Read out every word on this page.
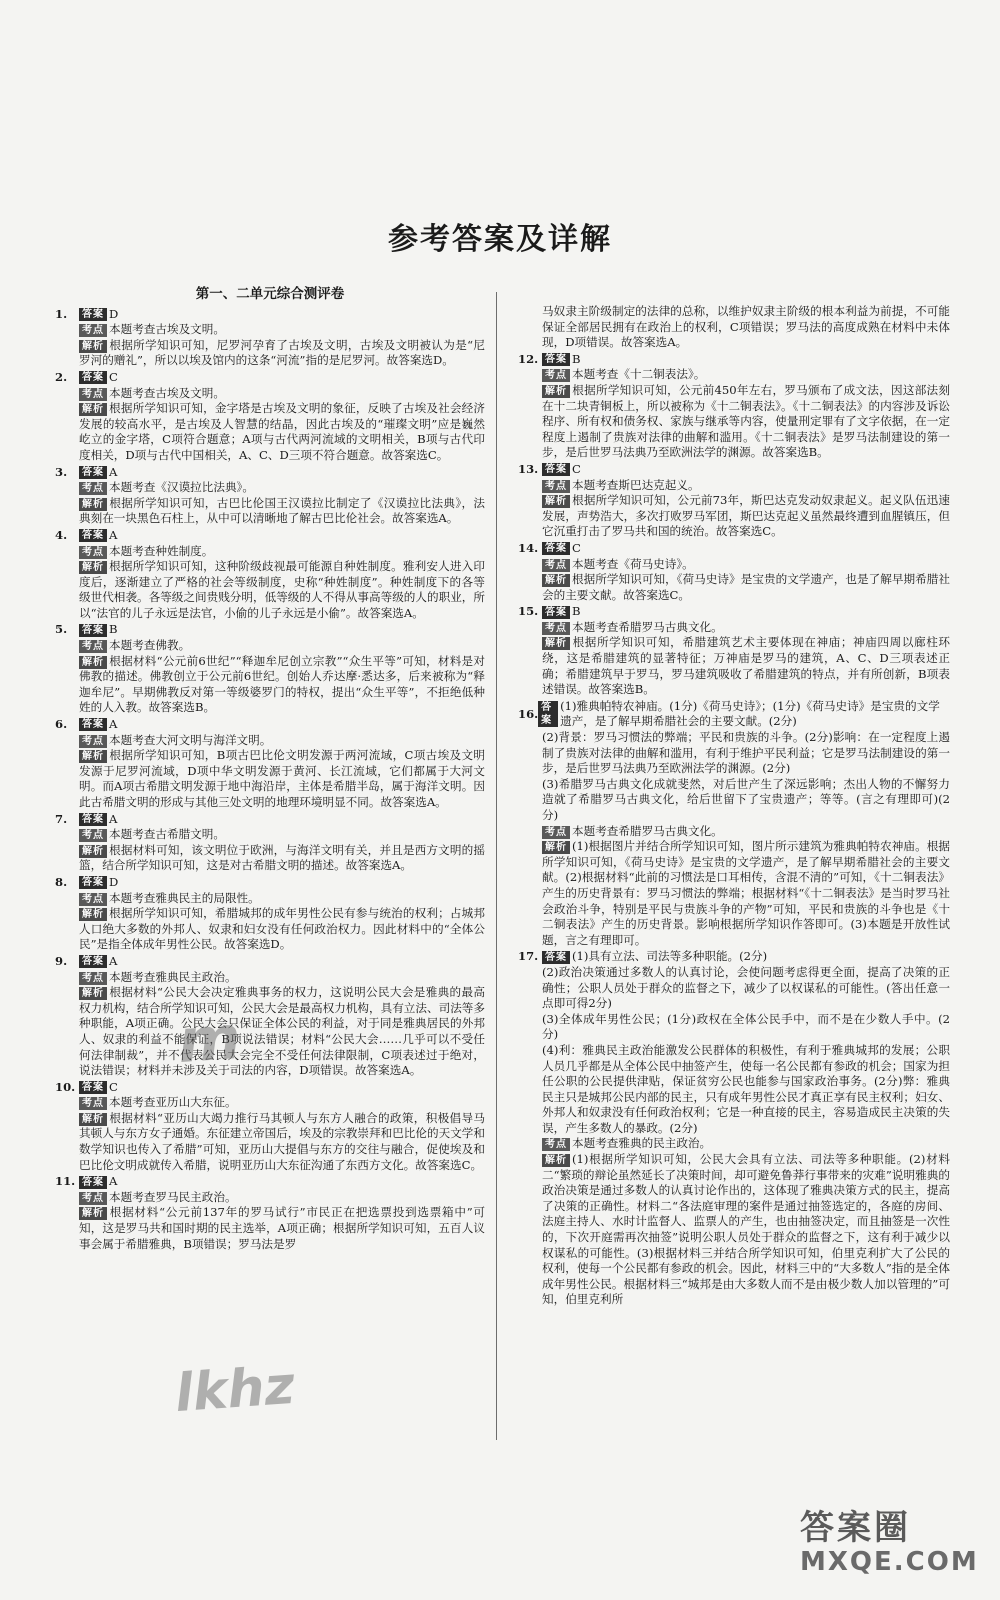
参考答案及详解
第一、二单元综合测评卷
1.	答案 D
考点 本题考查古埃及文明。
解析 根据所学知识可知，尼罗河孕育了古埃及文明，古埃及文明被认为是“尼罗河的赠礼”，所以以埃及馆内的这条“河流”指的是尼罗河。故答案选D。
2.	答案 C
考点 本题考查古埃及文明。
解析 根据所学知识可知，金字塔是古埃及文明的象征，反映了古埃及社会经济发展的较高水平，是古埃及人智慧的结晶，因此古埃及的“璀璨文明”应是巍然屹立的金字塔，C项符合题意；A项与古代两河流域的文明相关，B项与古代印度相关，D项与古代中国相关，A、C、D三项不符合题意。故答案选C。
3.	答案 A
考点 本题考查《汉谟拉比法典》。
解析 根据所学知识可知，古巴比伦国王汉谟拉比制定了《汉谟拉比法典》，法典刻在一块黑色石柱上，从中可以清晰地了解古巴比伦社会。故答案选A。
4.	答案 A
考点 本题考查种姓制度。
解析 根据所学知识可知，这种阶级歧视最可能源自种姓制度。雅利安人进入印度后，逐渐建立了严格的社会等级制度，史称“种姓制度”。种姓制度下的各等级世代相袭。各等级之间贵贱分明，低等级的人不得从事高等级的人的职业，所以“法官的儿子永远是法官，小偷的儿子永远是小偷”。故答案选A。
5.	答案 B
考点 本题考查佛教。
解析 根据材料“公元前6世纪”“释迦牟尼创立宗教”“众生平等”可知，材料是对佛教的描述。佛教创立于公元前6世纪。创始人乔达摩·悉达多，后来被称为“释迦牟尼”。早期佛教反对第一等级婆罗门的特权，提出“众生平等”，不拒绝低种姓的人入教。故答案选B。
6.	答案 A
考点 本题考查大河文明与海洋文明。
解析 根据所学知识可知，B项古巴比伦文明发源于两河流域，C项古埃及文明发源于尼罗河流域，D项中华文明发源于黄河、长江流域，它们都属于大河文明。而A项古希腊文明发源于地中海沿岸，主体是希腊半岛，属于海洋文明。因此古希腊文明的形成与其他三处文明的地理环境明显不同。故答案选A。
7.	答案 A
考点 本题考查古希腊文明。
解析 根据材料可知，该文明位于欧洲，与海洋文明有关，并且是西方文明的摇篮，结合所学知识可知，这是对古希腊文明的描述。故答案选A。
8.	答案 D
考点 本题考查雅典民主的局限性。
解析 根据所学知识可知，希腊城邦的成年男性公民有参与统治的权利；占城邦人口绝大多数的外邦人、奴隶和妇女没有任何政治权力。因此材料中的“全体公民”是指全体成年男性公民。故答案选D。
9.	答案 A
考点 本题考查雅典民主政治。
解析 根据材料“公民大会决定雅典事务的权力，这说明公民大会是雅典的最高权力机构，结合所学知识可知，公民大会是最高权力机构，具有立法、司法等多种职能，A项正确。公民大会只保证全体公民的利益，对于同是雅典居民的外邦人、奴隶的利益不能保证，B项说法错误；材料“公民大会……几乎可以不受任何法律制裁”，并不代表公民大会完全不受任何法律限制，C项表述过于绝对，说法错误；材料并未涉及关于司法的内容，D项错误。故答案选A。
10. 答案 C
考点 本题考查亚历山大东征。
解析 根据材料“亚历山大竭力推行马其顿人与东方人融合的政策，积极倡导马其顿人与东方女子通婚。东征建立帝国后，埃及的宗教崇拜和巴比伦的天文学和数学知识也传入了希腊”可知，亚历山大提倡与东方的交往与融合，促使埃及和巴比伦文明成就传入希腊，说明亚历山大东征沟通了东西方文化。故答案选C。
11. 答案 A
考点 本题考查罗马民主政治。
解析 根据材料“公元前137年的罗马试行”市民正在把选票投到选票箱中”可知，这是罗马共和国时期的民主选举，A项正确；根据所学知识可知，五百人议事会属于希腊雅典，B项错误；罗马法是罗
马奴隶主阶级制定的法律的总称，以维护奴隶主阶级的根本利益为前提，不可能保证全部居民拥有在政治上的权利，C项错误；罗马法的高度成熟在材料中未体现，D项错误。故答案选A。
12. 答案 B
考点 本题考查《十二铜表法》。
解析 根据所学知识可知，公元前450年左右，罗马颁布了成文法，因这部法刻在十二块青铜板上，所以被称为《十二铜表法》。《十二铜表法》的内容涉及诉讼程序、所有权和债务权、家族与继承等内容，使量刑定罪有了文字依据，在一定程度上遏制了贵族对法律的曲解和滥用。《十二铜表法》是罗马法制建设的第一步，是后世罗马法典乃至欧洲法学的渊源。故答案选B。
13. 答案 C
考点 本题考查斯巴达克起义。
解析 根据所学知识可知，公元前73年，斯巴达克发动奴隶起义。起义队伍迅速发展，声势浩大，多次打败罗马军团，斯巴达克起义虽然最终遭到血腥镇压，但它沉重打击了罗马共和国的统治。故答案选C。
14. 答案 C
考点 本题考查《荷马史诗》。
解析 根据所学知识可知，《荷马史诗》是宝贵的文学遗产，也是了解早期希腊社会的主要文献。故答案选C。
15. 答案 B
考点 本题考查希腊罗马古典文化。
解析 根据所学知识可知，希腊建筑艺术主要体现在神庙；神庙四周以廊柱环绕，这是希腊建筑的显著特征；万神庙是罗马的建筑，A、C、D三项表述正确；希腊建筑早于罗马，罗马建筑吸收了希腊建筑的特点，并有所创新，B项表述错误。故答案选B。
16. 答案
(1)雅典帕特农神庙。(1分)《荷马史诗》；(1分)《荷马史诗》是宝贵的文学遗产，是了解早期希腊社会的主要文献。(2分)
(2)背景：罗马习惯法的弊端；平民和贵族的斗争。(2分)影响：在一定程度上遏制了贵族对法律的曲解和滥用，有利于维护平民利益；它是罗马法制建设的第一步，是后世罗马法典乃至欧洲法学的渊源。(2分)
(3)希腊罗马古典文化成就斐然，对后世产生了深远影响；杰出人物的不懈努力造就了希腊罗马古典文化，给后世留下了宝贵遗产；等等。(言之有理即可)(2分)
考点 本题考查希腊罗马古典文化。
解析 (1)根据图片并结合所学知识可知，图片所示建筑为雅典帕特农神庙。根据所学知识可知，《荷马史诗》是宝贵的文学遗产，是了解早期希腊社会的主要文献。(2)根据材料“此前的习惯法是口耳相传，含混不清的”可知，《十二铜表法》产生的历史背景有：罗马习惯法的弊端；根据材料“《十二铜表法》是当时罗马社会政治斗争，特别是平民与贵族斗争的产物”可知，平民和贵族的斗争也是《十二铜表法》产生的历史背景。影响根据所学知识作答即可。(3)本题是开放性试题，言之有理即可。
17. 答案 (1)具有立法、司法等多种职能。(2分)
(2)政治决策通过多数人的认真讨论，会使问题考虑得更全面，提高了决策的正确性；公职人员处于群众的监督之下，减少了以权谋私的可能性。(答出任意一点即可得2分)
(3)全体成年男性公民；(1分)政权在全体公民手中，而不是在少数人手中。(2分)
(4)利：雅典民主政治能激发公民群体的积极性，有利于雅典城邦的发展；公职人员几乎都是从全体公民中抽签产生，使每一名公民都有参政的机会；国家为担任公职的公民提供津贴，保证贫穷公民也能参与国家政治事务。(2分)弊：雅典民主只是城邦公民内部的民主，只有成年男性公民才真正享有民主权利；妇女、外邦人和奴隶没有任何政治权利；它是一种直接的民主，容易造成民主决策的失误，产生多数人的暴政。(2分)
考点 本题考查雅典的民主政治。
解析 (1)根据所学知识可知，公民大会具有立法、司法等多种职能。(2)材料二“繁琐的辩论虽然延长了决策时间，却可避免鲁莽行事带来的灾难”说明雅典的政治决策是通过多数人的认真讨论作出的，这体现了雅典决策方式的民主，提高了决策的正确性。材料二“各法庭审理的案件是通过抽签选定的，各庭的房间、法庭主持人、水时计监督人、监票人的产生，也由抽签决定，而且抽签是一次性的，下次开庭需再次抽签”说明公职人员处于群众的监督之下，这有利于减少以权谋私的可能性。(3)根据材料三并结合所学知识可知，伯里克利扩大了公民的权利，使每一个公民都有参政的机会。因此，材料三中的“大多数人”指的是全体成年男性公民。根据材料三“城邦是由大多数人而不是由极少数人加以管理的”可知，伯里克利所
m
lkhz
答案圈
MXQE.COM
